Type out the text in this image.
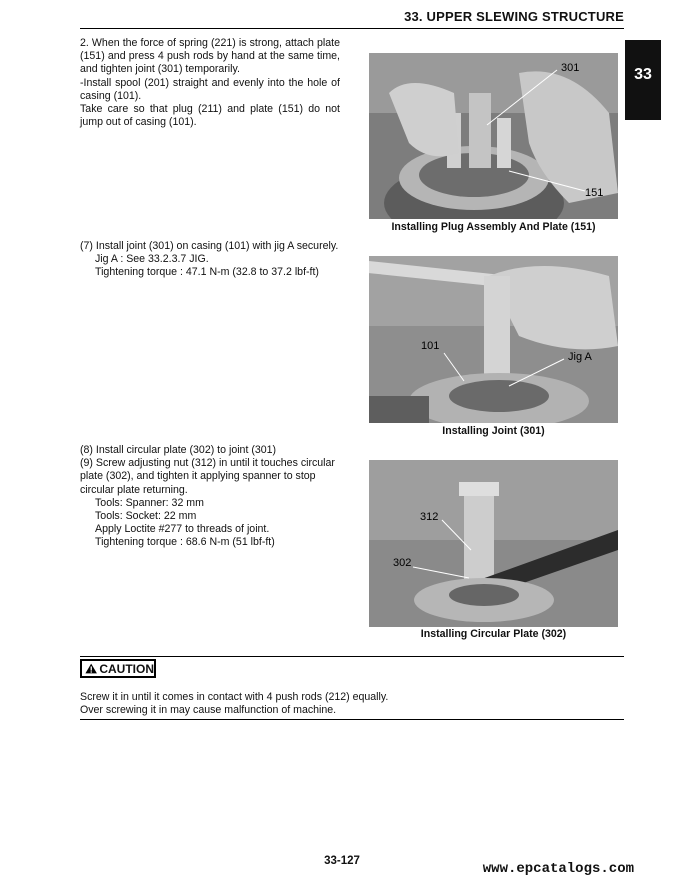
33. UPPER SLEWING STRUCTURE
33

2. When the force of spring (221) is strong, attach plate (151) and press 4 push rods by hand at the same time, and tighten joint (301) temporarily.

-Install spool (201) straight and evenly into the hole of casing (101).

Take care so that plug (211) and plate (151) do not jump out of casing (101).

(7) Install joint (301) on casing (101) with jig A securely.

Jig A : See 33.2.3.7 JIG.

Tightening torque : 47.1 N-m (32.8 to 37.2 lbf-ft)

(8) Install circular plate (302) to joint (301)

(9) Screw adjusting nut (312) in until it touches circular plate (302), and tighten it applying spanner to stop circular plate returning.

Tools: Spanner: 32 mm

Tools: Socket: 22 mm

Apply Loctite #277 to threads of joint.

Tightening torque : 68.6 N-m (51 lbf-ft)

301
151
Installing Plug Assembly And Plate (151)
101
Jig A
Installing Joint (301)
312
302
Installing Circular Plate (302)
CAUTION

Screw it in until it comes in contact with 4 push rods (212) equally.

Over screwing it in may cause malfunction of machine.

33-127	www.epcatalogs.com
